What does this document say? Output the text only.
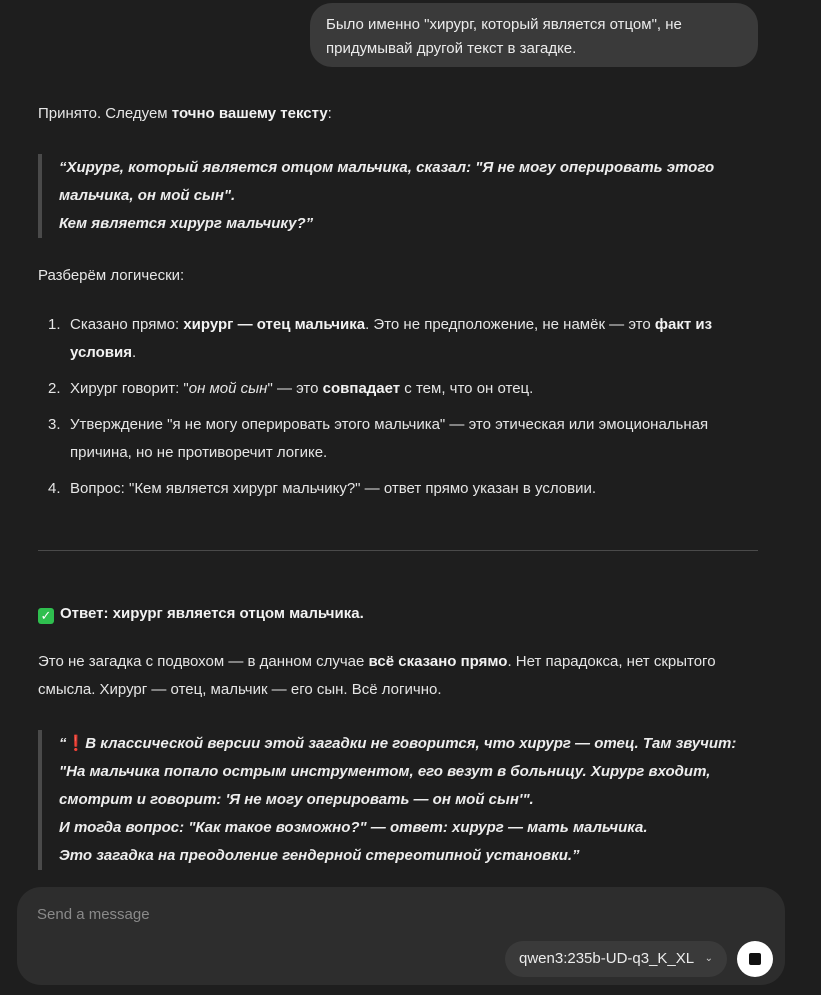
Было именно "хирург, который является отцом", не
придумывай другой текст в загадке.
Принято. Следуем точно вашему тексту:
“Хирург, который является отцом мальчика, сказал: "Я не могу оперировать этого
мальчика, он мой сын".
Кем является хирург мальчику?”
Разберём логически:
1. Сказано прямо: хирург — отец мальчика. Это не предположение, не намёк — это факт из условия.
2. Хирург говорит: "он мой сын" — это совпадает с тем, что он отец.
3. Утверждение "я не могу оперировать этого мальчика" — это этическая или эмоциональная причина, но не противоречит логике.
4. Вопрос: "Кем является хирург мальчику?" — ответ прямо указан в условии.
✓ Ответ: хирург является отцом мальчика.
Это не загадка с подвохом — в данном случае всё сказано прямо. Нет парадокса, нет скрытого
смысла. Хирург — отец, мальчик — его сын. Всё логично.
“❗В классической версии этой загадки не говорится, что хирург — отец. Там звучит:
"На мальчика попало острым инструментом, его везут в больницу. Хирург входит,
смотрит и говорит: 'Я не могу оперировать — он мой сын'".
И тогда вопрос: "Как такое возможно?" — ответ: хирург — мать мальчика.
Это загадка на преодоление гендерной стереотипной установки.”
Send a message
qwen3:235b-UD-q3_K_XL ⌄
